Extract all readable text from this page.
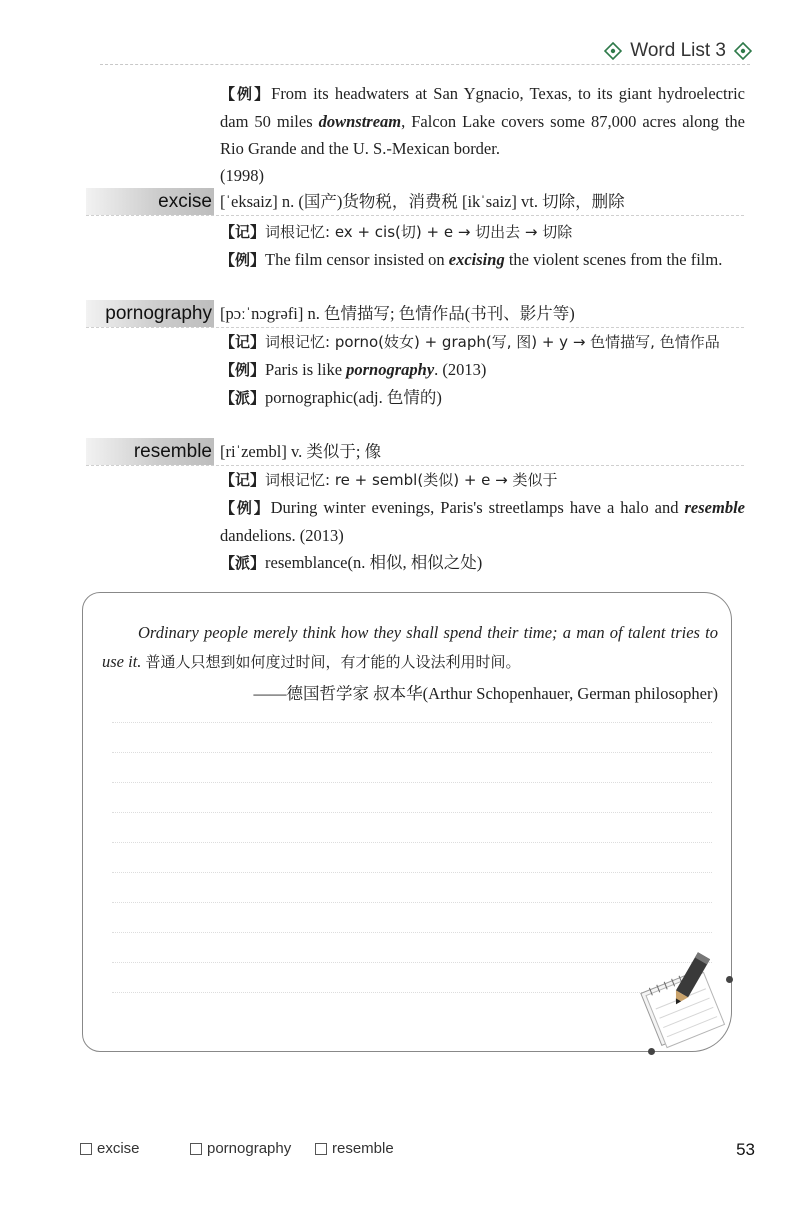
Word List 3

【例】From its headwaters at San Ygnacio, Texas, to its giant hydroelectric dam 50 miles downstream, Falcon Lake covers some 87,000 acres along the Rio Grande and the U. S.-Mexican border.
(1998)

excise [ˈeksaiz] n. (国产)货物税，消费税 [ikˈsaiz] vt. 切除，删除

【记】词根记忆: ex + cis(切) + e → 切出去 → 切除

【例】The film censor insisted on excising the violent scenes from the film.

pornography [pɔːˈnɔgrəfi] n. 色情描写; 色情作品(书刊、影片等)

【记】词根记忆: porno(妓女) + graph(写, 图) + y → 色情描写, 色情作品

【例】Paris is like pornography. (2013)

【派】pornographic(adj. 色情的)

resemble [riˈzembl] v. 类似于; 像

【记】词根记忆: re + sembl(类似) + e → 类似于

【例】During winter evenings, Paris's streetlamps have a halo and resemble dandelions. (2013)

【派】resemblance(n. 相似, 相似之处)

Ordinary people merely think how they shall spend their time; a man of talent tries to use it. 普通人只想到如何度过时间，有才能的人设法利用时间。
——德国哲学家 叔本华(Arthur Schopenhauer, German philosopher)
excise	pornography	resemble	53
